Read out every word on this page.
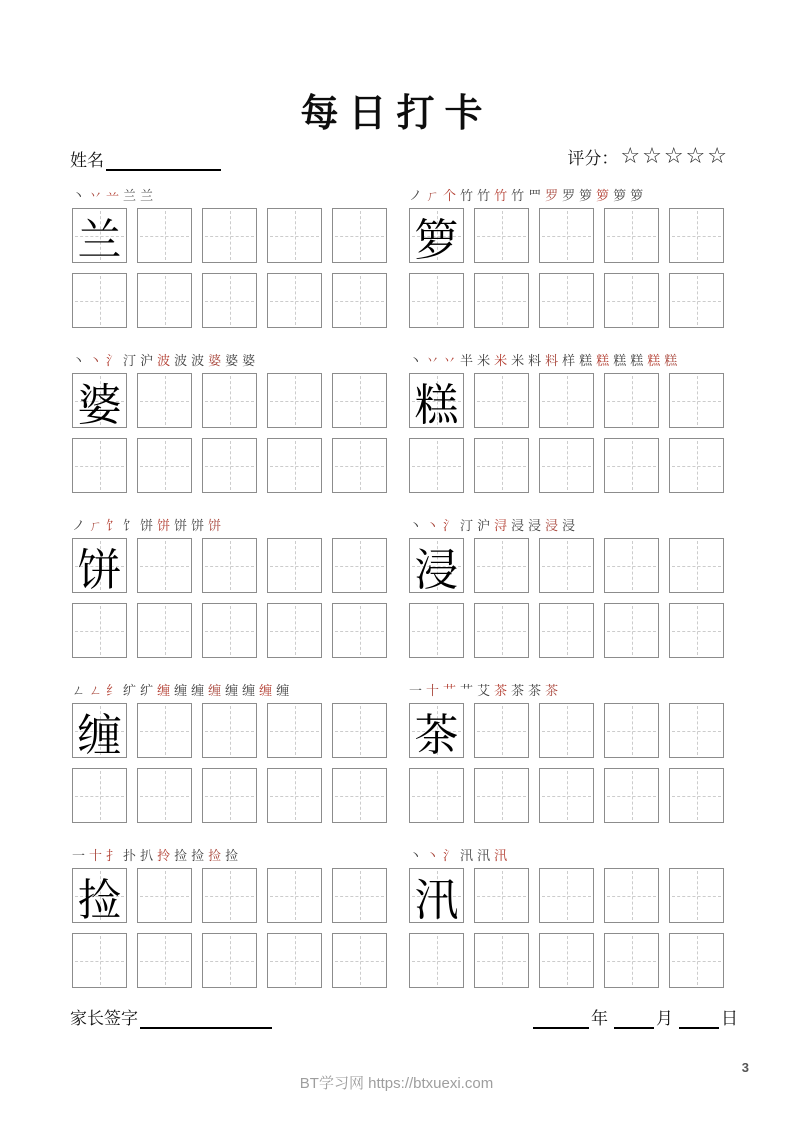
每日打卡
姓名	评分： ☆☆☆☆☆
丶 丷 䒑 兰 兰
兰
ノ ㄏ 个 竹 竹 竹 竹 罒 罗 罗 箩 箩 箩 箩
箩
丶 丶 氵 汀 沪 波 波 波 婆 婆 婆
婆
丶 丷 丷 半 米 米 米 料 料 样 糕 糕 糕 糕 糕 糕
糕
ノ ㄏ 饣 饣 饼 饼 饼 饼 饼
饼
丶 丶 氵 汀 沪 浔 浸 浸 浸 浸
浸
ㄥ ㄥ 纟 纩 纩 缠 缠 缠 缠 缠 缠 缠 缠
缠
一 十 艹 艹 艾 茶 茶 茶 茶
茶
一 十 扌 扑 扒 拎 捡 捡 捡 捡
捡
丶 丶 氵 汛 汛 汛
汛
家长签字	年	月	日
BT学习网 https://btxuexi.com
3
